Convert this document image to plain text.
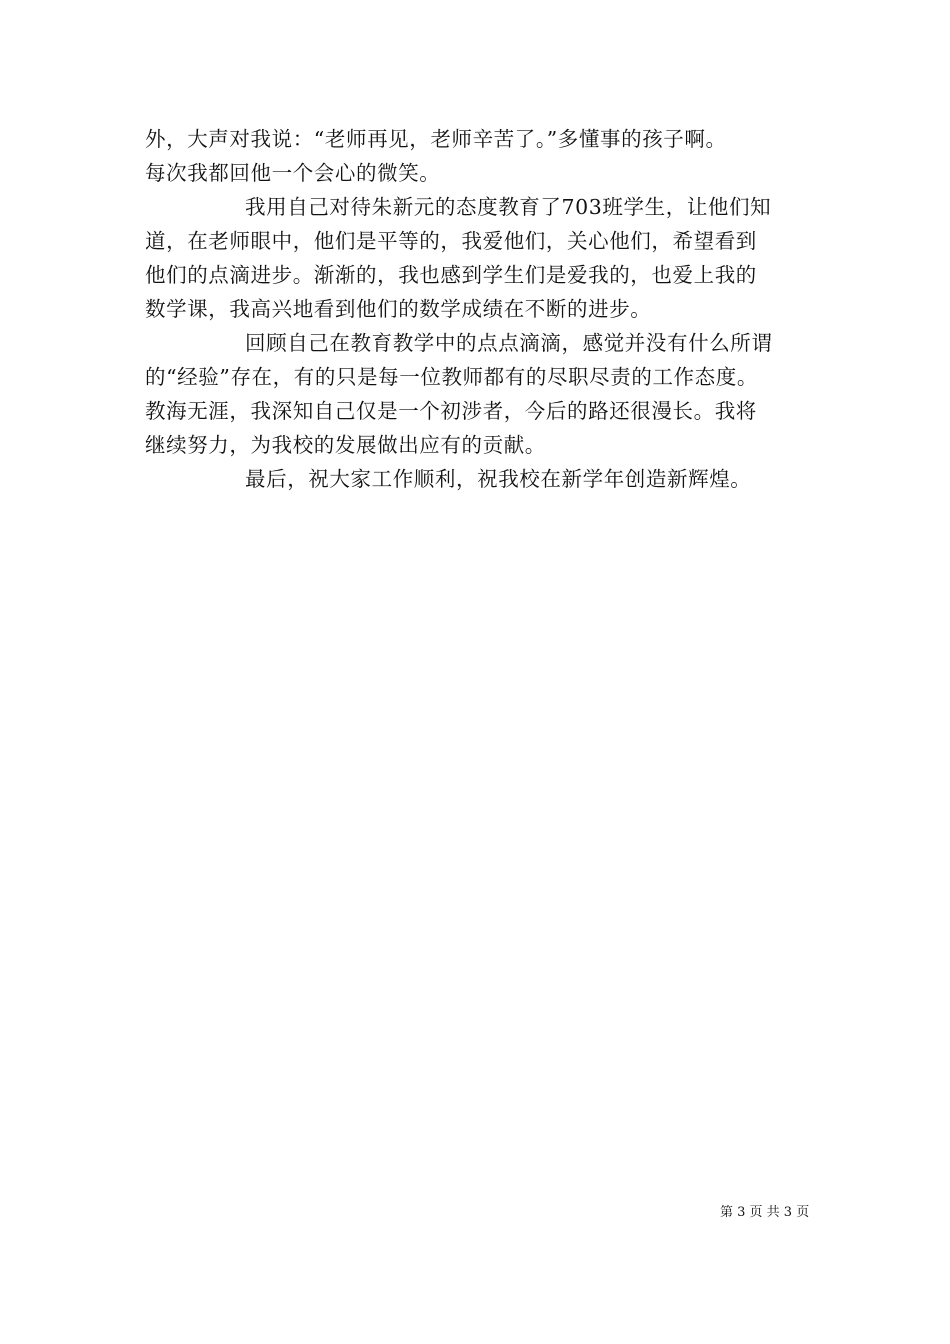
外，大声对我说：“老师再见，老师辛苦了。”多懂事的孩子啊。
每次我都回他一个会心的微笑。
我用自己对待朱新元的态度教育了703班学生，让他们知
道，在老师眼中，他们是平等的，我爱他们，关心他们，希望看到
他们的点滴进步。渐渐的，我也感到学生们是爱我的，也爱上我的
数学课，我高兴地看到他们的数学成绩在不断的进步。
回顾自己在教育教学中的点点滴滴，感觉并没有什么所谓
的“经验”存在，有的只是每一位教师都有的尽职尽责的工作态度。
教海无涯，我深知自己仅是一个初涉者，今后的路还很漫长。我将
继续努力，为我校的发展做出应有的贡献。
最后，祝大家工作顺利，祝我校在新学年创造新辉煌。
第 3 页 共 3 页
